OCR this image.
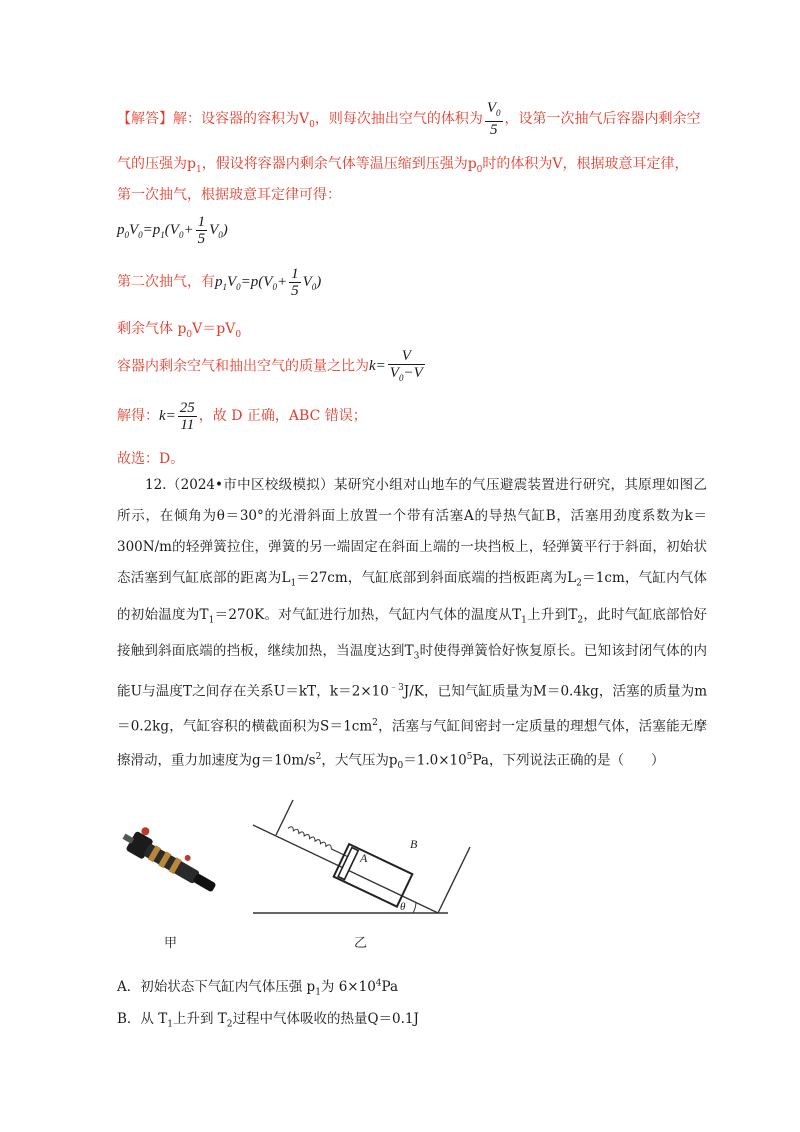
【解答】解：设容器的容积为$V_0$，则每次抽出空气的体积为 $\frac{V_0}{5}$ ，设第一次抽气后容器内剩余空
气的压强为$p_1$，假设将容器内剩余气体等温压缩到压强为$p_0$时的体积为V，根据玻意耳定律，
第一次抽气，根据玻意耳定律可得：
$p_0V_0=p_1(V_0+ \frac{1}{5} V_0)$
第二次抽气，有$p_1V_0=p(V_0+ \frac{1}{5} V_0)$
剩余气体 $p_0V=pV_0$
容器内剩余空气和抽出空气的质量之比为$k= \frac{V}{V_0-V}$
解得：$k= \frac{25}{11}$ ，故 D 正确，ABC 错误；
故选：D。

12.（2024•市中区校级模拟）某研究小组对山地车的气压避震装置进行研究，其原理如图乙所示，在倾角为θ＝30°的光滑斜面上放置一个带有活塞A的导热气缸B，活塞用劲度系数为k＝300N/m的轻弹簧拉住，弹簧的另一端固定在斜面上端的一块挡板上，轻弹簧平行于斜面，初始状态活塞到气缸底部的距离为$L_1=27cm$，气缸底部到斜面底端的挡板距离为$L_2=1cm$，气缸内气体的初始温度为$T_1=270K$。对气缸进行加热，气缸内气体的温度从$T_1$上升到$T_2$，此时气缸底部恰好接触到斜面底端的挡板，继续加热，当温度达到$T_3$时使得弹簧恰好恢复原长。已知该封闭气体的内能U与温度T之间存在关系U＝kT，$k=2\times 10^{﹣3}J/K$，已知气缸质量为M＝0.4kg，活塞的质量为m＝0.2kg，气缸容积的横截面积为$S=1cm^2$，活塞与气缸间密封一定质量的理想气体，活塞能无摩擦滑动，重力加速度为$g=10m/s^2$，大气压为$p_0=1.0\times 10^5Pa$，下列说法正确的是（　　）

A
B
θ
甲	乙
A．初始状态下气缸内气体压强 $p_1$为 $6\times 10^4Pa$
B．从 $T_1$上升到 $T_2$过程中气体吸收的热量Q＝0.1J
